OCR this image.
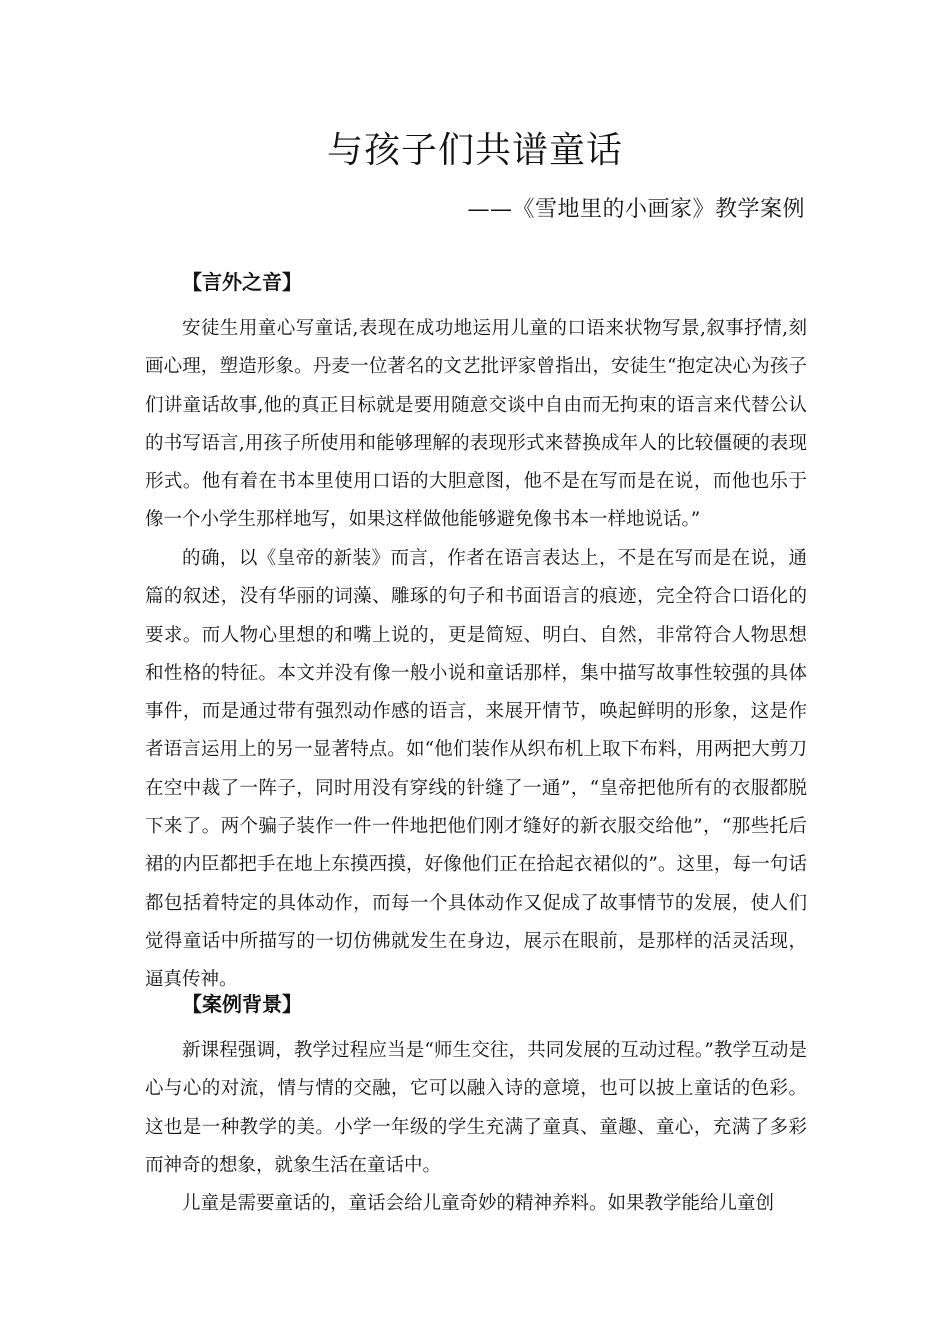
与孩子们共谱童话
——《雪地里的小画家》教学案例
【言外之音】

安徒生用童心写童话,表现在成功地运用儿童的口语来状物写景,叙事抒情,刻画心理，塑造形象。丹麦一位著名的文艺批评家曾指出，安徒生“抱定决心为孩子们讲童话故事,他的真正目标就是要用随意交谈中自由而无拘束的语言来代替公认的书写语言,用孩子所使用和能够理解的表现形式来替换成年人的比较僵硬的表现形式。他有着在书本里使用口语的大胆意图，他不是在写而是在说，而他也乐于像一个小学生那样地写，如果这样做他能够避免像书本一样地说话。”

的确，以《皇帝的新装》而言，作者在语言表达上，不是在写而是在说，通篇的叙述，没有华丽的词藻、雕琢的句子和书面语言的痕迹，完全符合口语化的要求。而人物心里想的和嘴上说的，更是简短、明白、自然，非常符合人物思想和性格的特征。本文并没有像一般小说和童话那样，集中描写故事性较强的具体事件，而是通过带有强烈动作感的语言，来展开情节，唤起鲜明的形象，这是作者语言运用上的另一显著特点。如“他们装作从织布机上取下布料，用两把大剪刀在空中裁了一阵子，同时用没有穿线的针缝了一通”，“皇帝把他所有的衣服都脱下来了。两个骗子装作一件一件地把他们刚才缝好的新衣服交给他”，“那些托后裙的内臣都把手在地上东摸西摸，好像他们正在拾起衣裙似的”。这里，每一句话都包括着特定的具体动作，而每一个具体动作又促成了故事情节的发展，使人们觉得童话中所描写的一切仿佛就发生在身边，展示在眼前，是那样的活灵活现，逼真传神。

【案例背景】

新课程强调，教学过程应当是“师生交往，共同发展的互动过程。”教学互动是心与心的对流，情与情的交融，它可以融入诗的意境，也可以披上童话的色彩。这也是一种教学的美。小学一年级的学生充满了童真、童趣、童心，充满了多彩而神奇的想象，就象生活在童话中。

儿童是需要童话的，童话会给儿童奇妙的精神养料。如果教学能给儿童创
